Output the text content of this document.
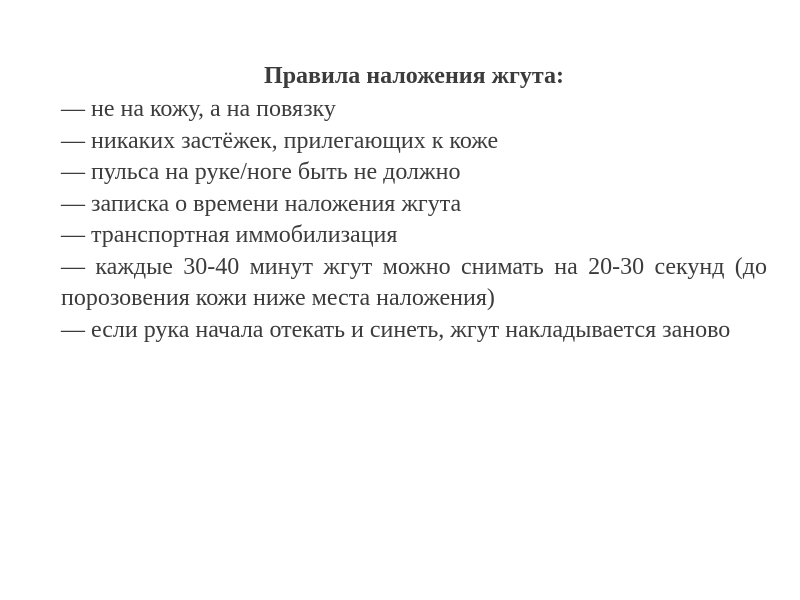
Правила наложения жгута:

— не на кожу, а на повязку

— никаких застёжек, прилегающих к коже

— пульса на руке/ноге быть не должно

— записка о времени наложения жгута

— транспортная иммобилизация

— каждые 30-40 минут жгут можно снимать на 20-30 секунд (до порозовения кожи ниже места наложения)

— если рука начала отекать и синеть, жгут накладывается заново
